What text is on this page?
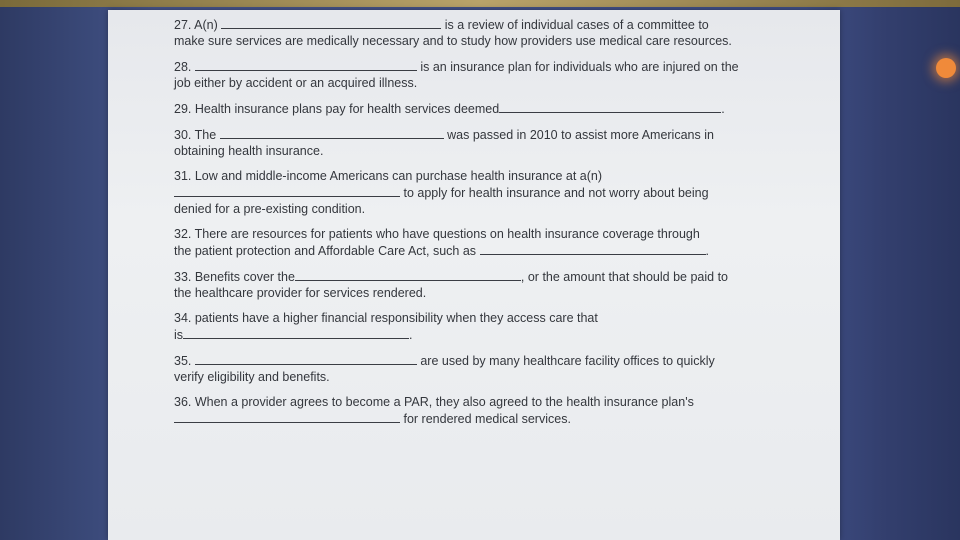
27. A(n)	is a review of individual cases of a committee to
make sure services are medically necessary and to study how providers use medical care resources.
28.	is an insurance plan for individuals who are injured on the
job either by accident or an acquired illness.
29. Health insurance plans pay for health services deemed	.
30. The	was passed in 2010 to assist more Americans in
obtaining health insurance.
31. Low and middle-income Americans can purchase health insurance at a(n)
to apply for health insurance and not worry about being
denied for a pre-existing condition.
32. There are resources for patients who have questions on health insurance coverage through
the patient protection and Affordable Care Act, such as	.
33. Benefits cover the	, or the amount that should be paid to
the healthcare provider for services rendered.
34. patients have a higher financial responsibility when they access care that
is	.
35.	are used by many healthcare facility offices to quickly
verify eligibility and benefits.
36. When a provider agrees to become a PAR, they also agreed to the health insurance plan's
for rendered medical services.
